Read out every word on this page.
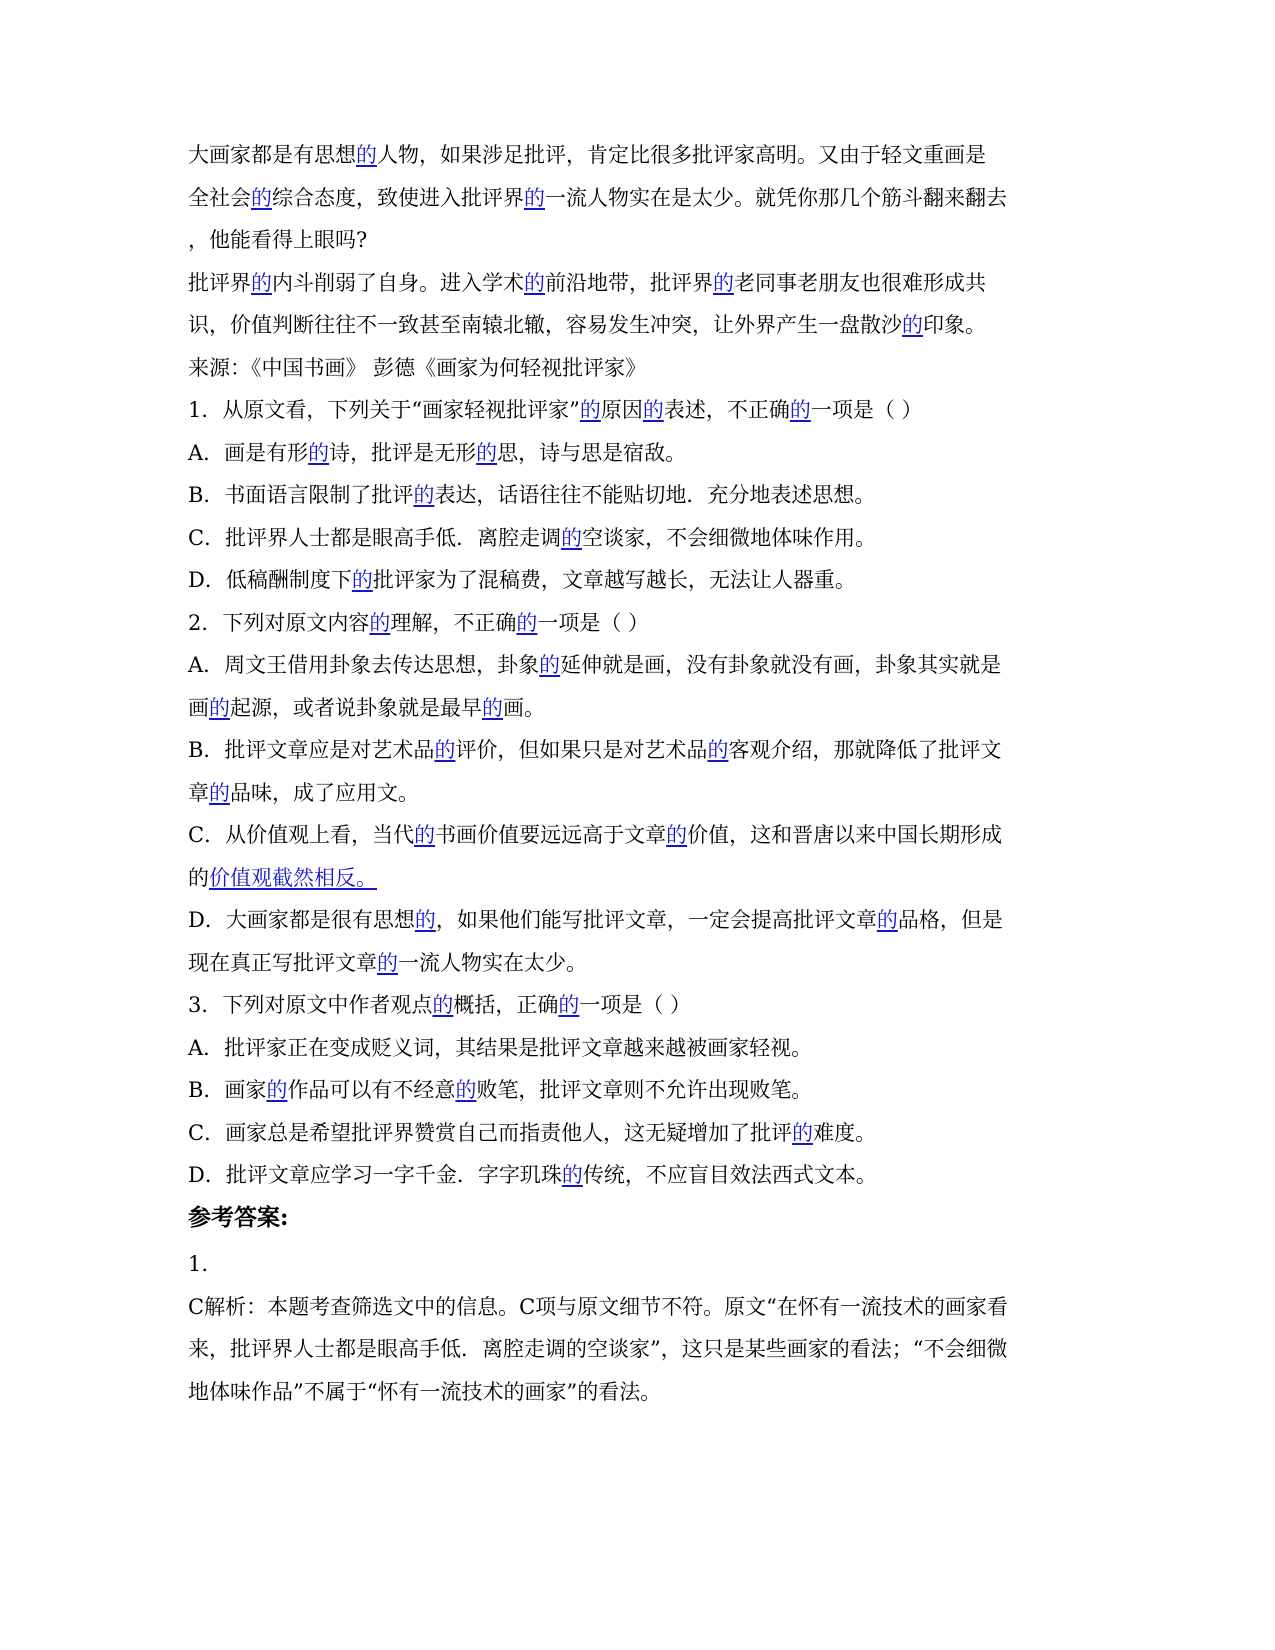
大画家都是有思想的人物，如果涉足批评，肯定比很多批评家高明。又由于轻文重画是
全社会的综合态度，致使进入批评界的一流人物实在是太少。就凭你那几个筋斗翻来翻去
，他能看得上眼吗?
批评界的内斗削弱了自身。进入学术的前沿地带，批评界的老同事老朋友也很难形成共
识，价值判断往往不一致甚至南辕北辙，容易发生冲突，让外界产生一盘散沙的印象。
来源：《中国书画》 彭德《画家为何轻视批评家》
1．从原文看，下列关于“画家轻视批评家”的原因的表述，不正确的一项是（ ）
A．画是有形的诗，批评是无形的思，诗与思是宿敌。
B．书面语言限制了批评的表达，话语往往不能贴切地．充分地表述思想。
C．批评界人士都是眼高手低．离腔走调的空谈家，不会细微地体味作用。
D．低稿酬制度下的批评家为了混稿费，文章越写越长，无法让人器重。
2．下列对原文内容的理解，不正确的一项是（ ）
A．周文王借用卦象去传达思想，卦象的延伸就是画，没有卦象就没有画，卦象其实就是
画的起源，或者说卦象就是最早的画。
B．批评文章应是对艺术品的评价，但如果只是对艺术品的客观介绍，那就降低了批评文
章的品味，成了应用文。
C．从价值观上看，当代的书画价值要远远高于文章的价值，这和晋唐以来中国长期形成
的价值观截然相反。
D．大画家都是很有思想的，如果他们能写批评文章，一定会提高批评文章的品格，但是
现在真正写批评文章的一流人物实在太少。
3．下列对原文中作者观点的概括，正确的一项是（ ）
A．批评家正在变成贬义词，其结果是批评文章越来越被画家轻视。
B．画家的作品可以有不经意的败笔，批评文章则不允许出现败笔。
C．画家总是希望批评界赞赏自己而指责他人，这无疑增加了批评的难度。
D．批评文章应学习一字千金．字字玑珠的传统，不应盲目效法西式文本。
参考答案:
1.
C解析：本题考查筛选文中的信息。C项与原文细节不符。原文“在怀有一流技术的画家看
来，批评界人士都是眼高手低．离腔走调的空谈家”，这只是某些画家的看法；“不会细微
地体味作品”不属于“怀有一流技术的画家”的看法。
